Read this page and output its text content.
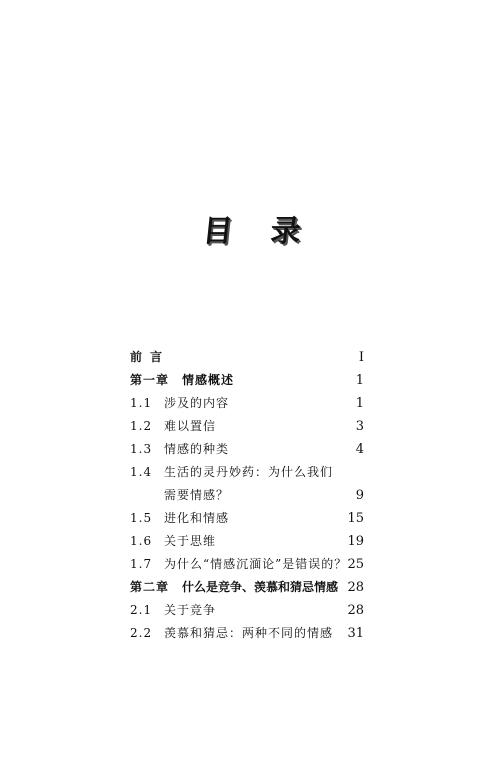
目 录
前言	I
第一章 情感概述	1
1.1 涉及的内容	1
1.2 难以置信	3
1.3 情感的种类	4
1.4 生活的灵丹妙药：为什么我们
需要情感？	9
1.5 进化和情感	15
1.6 关于思维	19
1.7 为什么“情感沉湎论”是错误的？ 25
第二章 什么是竞争、羡慕和猜忌情感 28
2.1 关于竞争	28
2.2 羡慕和猜忌：两种不同的情感 31
